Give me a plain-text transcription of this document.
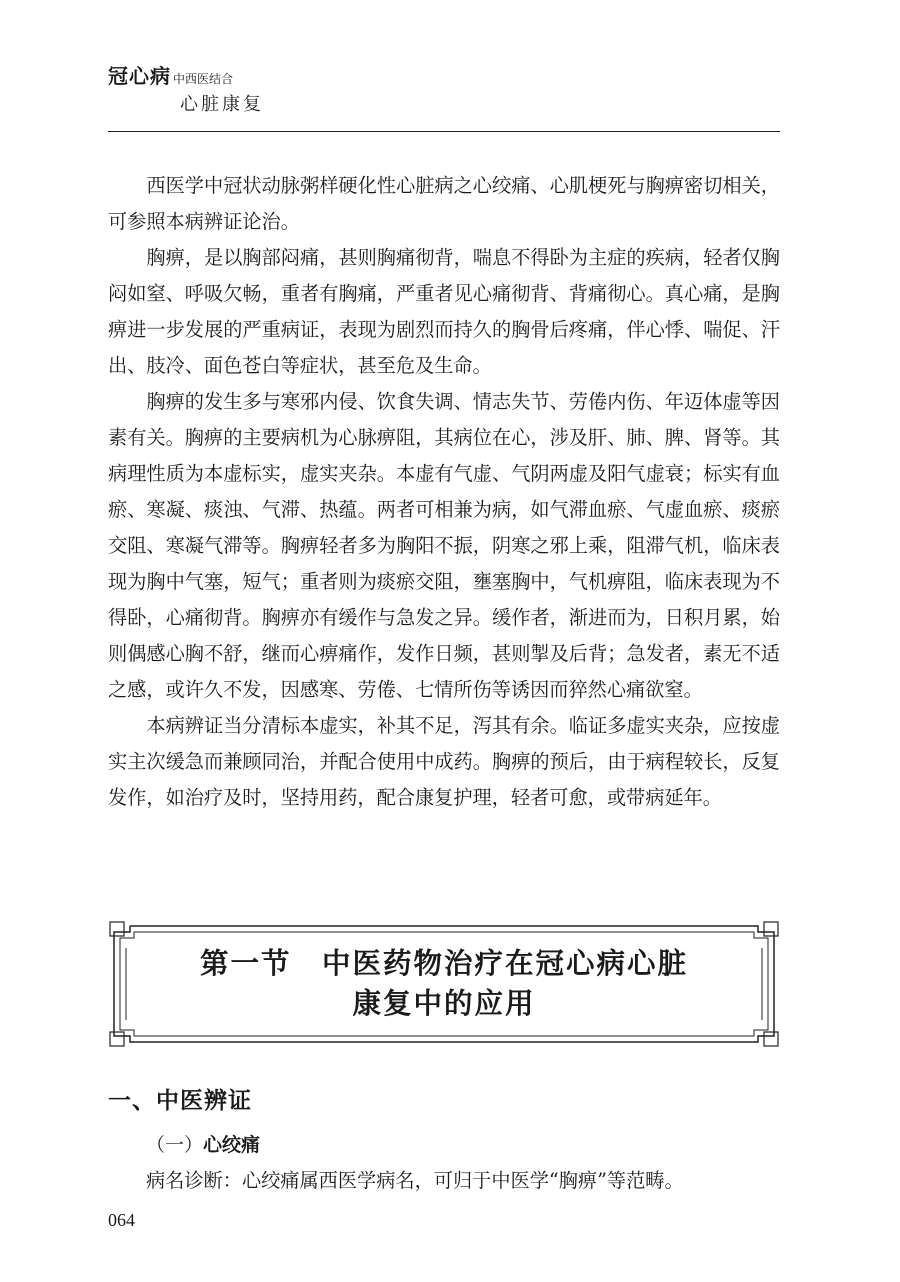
冠心病 中西医结合
心脏康复

西医学中冠状动脉粥样硬化性心脏病之心绞痛、心肌梗死与胸痹密切相关，可参照本病辨证论治。

胸痹，是以胸部闷痛，甚则胸痛彻背，喘息不得卧为主症的疾病，轻者仅胸闷如窒、呼吸欠畅，重者有胸痛，严重者见心痛彻背、背痛彻心。真心痛，是胸痹进一步发展的严重病证，表现为剧烈而持久的胸骨后疼痛，伴心悸、喘促、汗出、肢冷、面色苍白等症状，甚至危及生命。

胸痹的发生多与寒邪内侵、饮食失调、情志失节、劳倦内伤、年迈体虚等因素有关。胸痹的主要病机为心脉痹阻，其病位在心，涉及肝、肺、脾、肾等。其病理性质为本虚标实，虚实夹杂。本虚有气虚、气阴两虚及阳气虚衰；标实有血瘀、寒凝、痰浊、气滞、热蕴。两者可相兼为病，如气滞血瘀、气虚血瘀、痰瘀交阻、寒凝气滞等。胸痹轻者多为胸阳不振，阴寒之邪上乘，阻滞气机，临床表现为胸中气塞，短气；重者则为痰瘀交阻，壅塞胸中，气机痹阻，临床表现为不得卧，心痛彻背。胸痹亦有缓作与急发之异。缓作者，渐进而为，日积月累，始则偶感心胸不舒，继而心痹痛作，发作日频，甚则掣及后背；急发者，素无不适之感，或许久不发，因感寒、劳倦、七情所伤等诱因而猝然心痛欲窒。

本病辨证当分清标本虚实，补其不足，泻其有余。临证多虚实夹杂，应按虚实主次缓急而兼顾同治，并配合使用中成药。胸痹的预后，由于病程较长，反复发作，如治疗及时，坚持用药，配合康复护理，轻者可愈，或带病延年。

第一节　中医药物治疗在冠心病心脏
康复中的应用
一、中医辨证
（一）心绞痛
病名诊断：心绞痛属西医学病名，可归于中医学“胸痹”等范畴。
064
